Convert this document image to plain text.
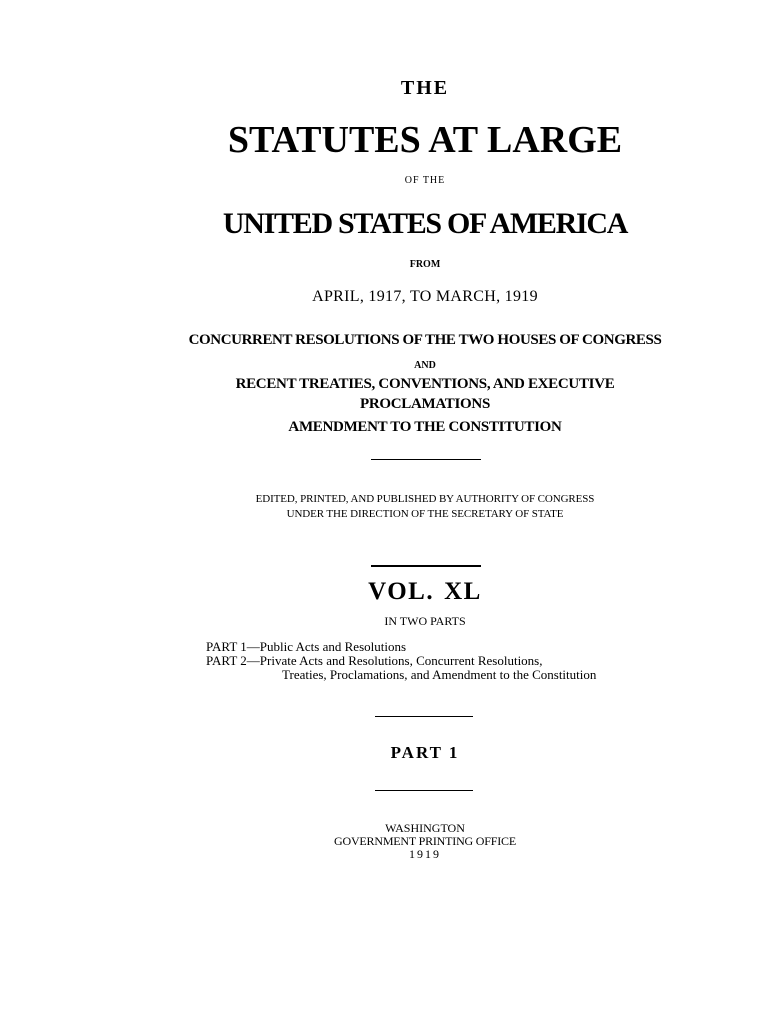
THE
STATUTES AT LARGE
OF THE
UNITED STATES OF AMERICA
FROM
APRIL, 1917, TO MARCH, 1919
CONCURRENT RESOLUTIONS OF THE TWO HOUSES OF CONGRESS
AND
RECENT TREATIES, CONVENTIONS, AND EXECUTIVE
PROCLAMATIONS
AMENDMENT TO THE CONSTITUTION
EDITED, PRINTED, AND PUBLISHED BY AUTHORITY OF CONGRESS
UNDER THE DIRECTION OF THE SECRETARY OF STATE
VOL. XL
IN TWO PARTS
PART 1—Public Acts and Resolutions
PART 2—Private Acts and Resolutions, Concurrent Resolutions,
Treaties, Proclamations, and Amendment to the Constitution
PART 1
WASHINGTON
GOVERNMENT PRINTING OFFICE
1919
